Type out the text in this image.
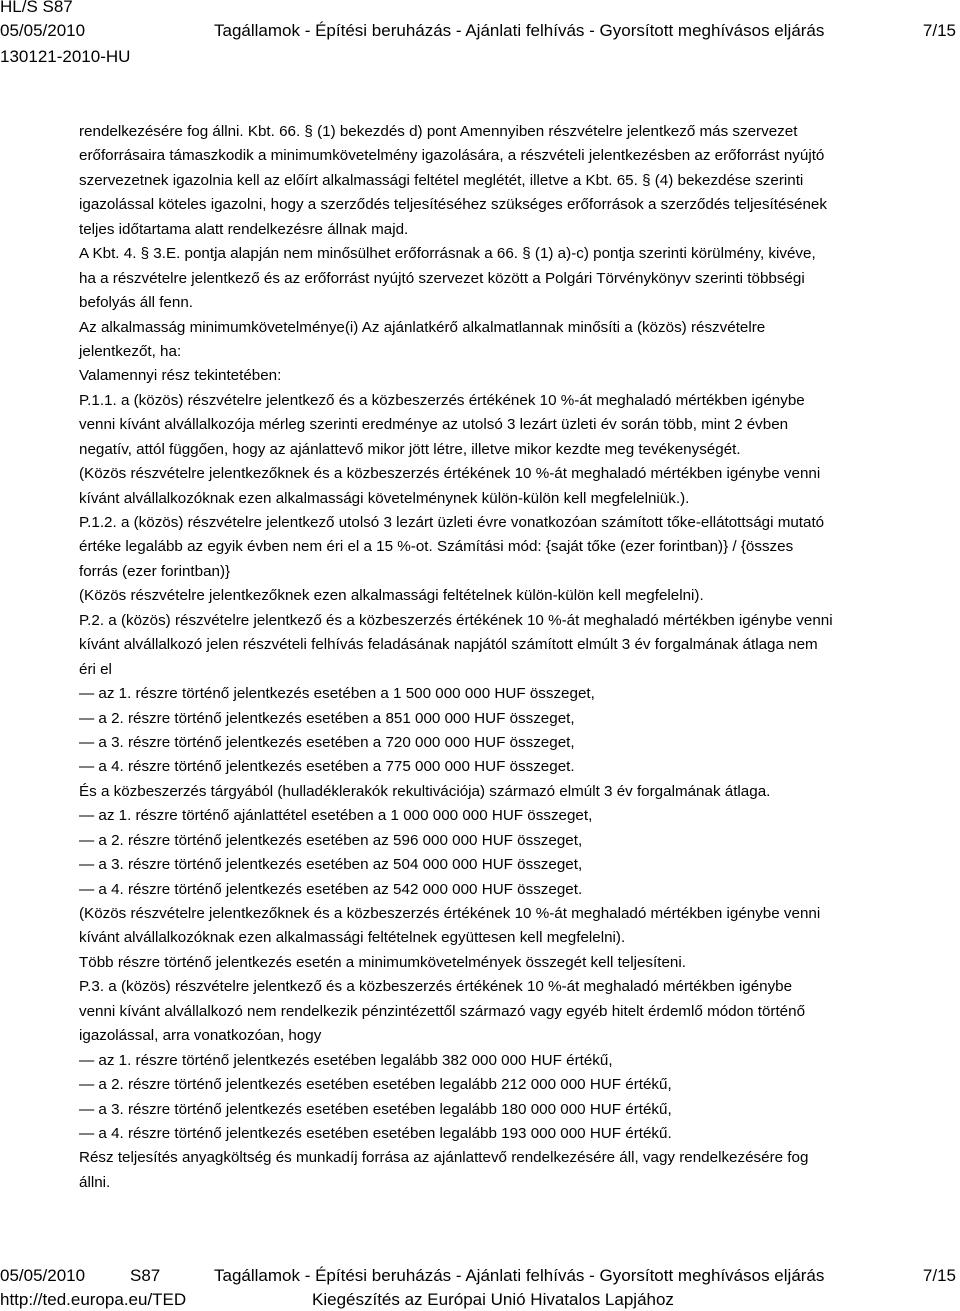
HL/S S87
05/05/2010	Tagállamok - Építési beruházás - Ajánlati felhívás - Gyorsított meghívásos eljárás	7/15
130121-2010-HU
rendelkezésére fog állni. Kbt. 66. § (1) bekezdés d) pont Amennyiben részvételre jelentkező más szervezet
erőforrásaira támaszkodik a minimumkövetelmény igazolására, a részvételi jelentkezésben az erőforrást nyújtó
szervezetnek igazolnia kell az előírt alkalmassági feltétel meglétét, illetve a Kbt. 65. § (4) bekezdése szerinti
igazolással köteles igazolni, hogy a szerződés teljesítéséhez szükséges erőforrások a szerződés teljesítésének
teljes időtartama alatt rendelkezésre állnak majd.
A Kbt. 4. § 3.E. pontja alapján nem minősülhet erőforrásnak a 66. § (1) a)-c) pontja szerinti körülmény, kivéve,
ha a részvételre jelentkező és az erőforrást nyújtó szervezet között a Polgári Törvénykönyv szerinti többségi
befolyás áll fenn.
Az alkalmasság minimumkövetelménye(i) Az ajánlatkérő alkalmatlannak minősíti a (közös) részvételre
jelentkezőt, ha:
Valamennyi rész tekintetében:
P.1.1. a (közös) részvételre jelentkező és a közbeszerzés értékének 10 %-át meghaladó mértékben igénybe
venni kívánt alvállalkozója mérleg szerinti eredménye az utolsó 3 lezárt üzleti év során több, mint 2 évben
negatív, attól függően, hogy az ajánlattevő mikor jött létre, illetve mikor kezdte meg tevékenységét.
(Közös részvételre jelentkezőknek és a közbeszerzés értékének 10 %-át meghaladó mértékben igénybe venni
kívánt alvállalkozóknak ezen alkalmassági követelménynek külön-külön kell megfelelniük.).
P.1.2. a (közös) részvételre jelentkező utolsó 3 lezárt üzleti évre vonatkozóan számított tőke-ellátottsági mutató
értéke legalább az egyik évben nem éri el a 15 %-ot. Számítási mód: {saját tőke (ezer forintban)} / {összes
forrás (ezer forintban)}
(Közös részvételre jelentkezőknek ezen alkalmassági feltételnek külön-külön kell megfelelni).
P.2. a (közös) részvételre jelentkező és a közbeszerzés értékének 10 %-át meghaladó mértékben igénybe venni
kívánt alvállalkozó jelen részvételi felhívás feladásának napjától számított elmúlt 3 év forgalmának átlaga nem
éri el
— az 1. részre történő jelentkezés esetében a 1 500 000 000 HUF összeget,
— a 2. részre történő jelentkezés esetében a 851 000 000 HUF összeget,
— a 3. részre történő jelentkezés esetében a 720 000 000 HUF összeget,
— a 4. részre történő jelentkezés esetében a 775 000 000 HUF összeget.
És a közbeszerzés tárgyából (hulladéklerakók rekultivációja) származó elmúlt 3 év forgalmának átlaga.
— az 1. részre történő ajánlattétel esetében a 1 000 000 000 HUF összeget,
— a 2. részre történő jelentkezés esetében az 596 000 000 HUF összeget,
— a 3. részre történő jelentkezés esetében az 504 000 000 HUF összeget,
— a 4. részre történő jelentkezés esetében az 542 000 000 HUF összeget.
(Közös részvételre jelentkezőknek és a közbeszerzés értékének 10 %-át meghaladó mértékben igénybe venni
kívánt alvállalkozóknak ezen alkalmassági feltételnek együttesen kell megfelelni).
Több részre történő jelentkezés esetén a minimumkövetelmények összegét kell teljesíteni.
P.3. a (közös) részvételre jelentkező és a közbeszerzés értékének 10 %-át meghaladó mértékben igénybe
venni kívánt alvállalkozó nem rendelkezik pénzintézettől származó vagy egyéb hitelt érdemlő módon történő
igazolással, arra vonatkozóan, hogy
— az 1. részre történő jelentkezés esetében legalább 382 000 000 HUF értékű,
— a 2. részre történő jelentkezés esetében esetében legalább 212 000 000 HUF értékű,
— a 3. részre történő jelentkezés esetében esetében legalább 180 000 000 HUF értékű,
— a 4. részre történő jelentkezés esetében esetében legalább 193 000 000 HUF értékű.
Rész teljesítés anyagköltség és munkadíj forrása az ajánlattevő rendelkezésére áll, vagy rendelkezésére fog
állni.
05/05/2010	S87	Tagállamok - Építési beruházás - Ajánlati felhívás - Gyorsított meghívásos eljárás	7/15
http://ted.europa.eu/TED	Kiegészítés az Európai Unió Hivatalos Lapjához
